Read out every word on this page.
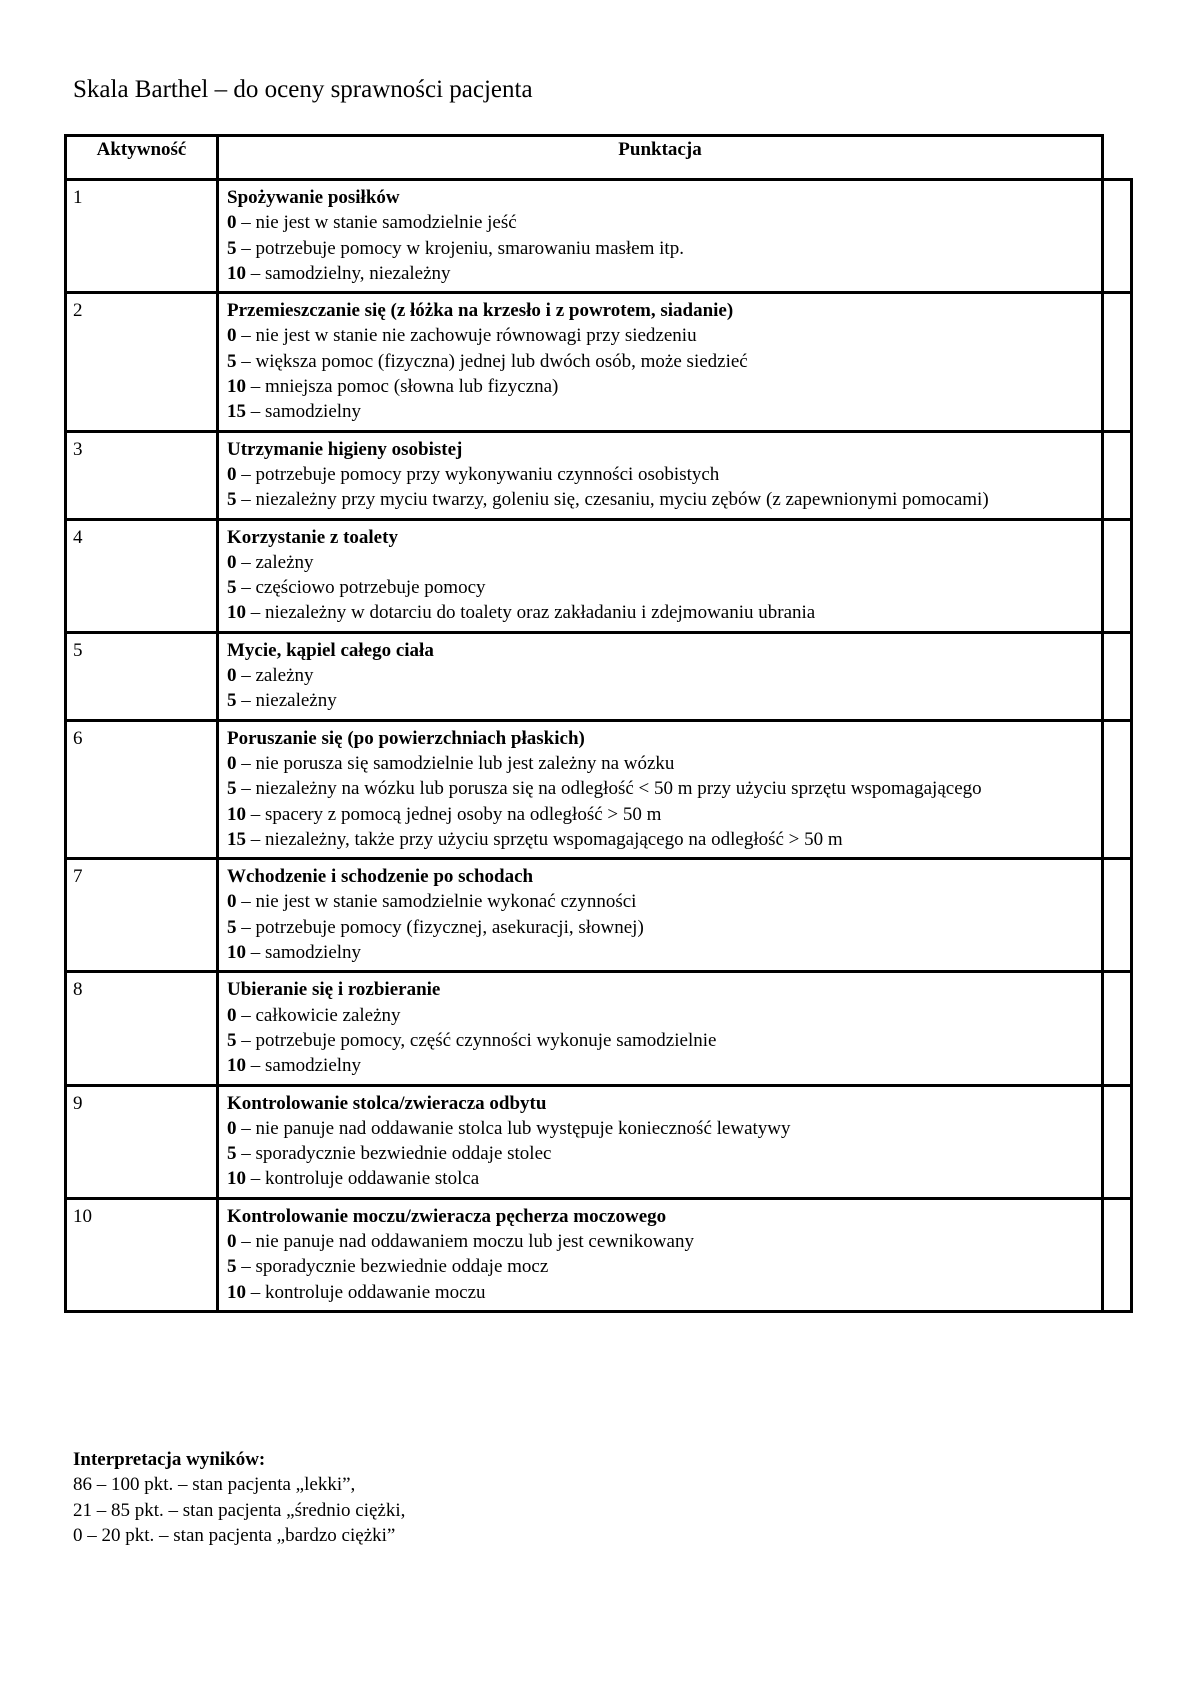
Skala Barthel – do oceny sprawności pacjenta
Aktywność	Punktacja	
1	Spożywanie posiłków
0 – nie jest w stanie samodzielnie jeść
5 – potrzebuje pomocy w krojeniu, smarowaniu masłem itp.
10 – samodzielny, niezależny	

2	Przemieszczanie się (z łóżka na krzesło i z powrotem, siadanie)
0 – nie jest w stanie nie zachowuje równowagi przy siedzeniu
5 – większa pomoc (fizyczna) jednej lub dwóch osób, może siedzieć
10 – mniejsza pomoc (słowna lub fizyczna)
15 – samodzielny	

3	Utrzymanie higieny osobistej
0 – potrzebuje pomocy przy wykonywaniu czynności osobistych
5 – niezależny przy myciu twarzy, goleniu się, czesaniu, myciu zębów (z zapewnionymi pomocami)	

4	Korzystanie z toalety
0 – zależny
5 – częściowo potrzebuje pomocy
10 – niezależny w dotarciu do toalety oraz zakładaniu i zdejmowaniu ubrania	

5	Mycie, kąpiel całego ciała
0 – zależny
5 – niezależny	

6	Poruszanie się (po powierzchniach płaskich)
0 – nie porusza się samodzielnie lub jest zależny na wózku
5 – niezależny na wózku lub porusza się na odległość < 50 m przy użyciu sprzętu wspomagającego
10 – spacery z pomocą jednej osoby na odległość > 50 m
15 – niezależny, także przy użyciu sprzętu wspomagającego na odległość > 50 m	

7	Wchodzenie i schodzenie po schodach
0 – nie jest w stanie samodzielnie wykonać czynności
5 – potrzebuje pomocy (fizycznej, asekuracji, słownej)
10 – samodzielny	

8	Ubieranie się i rozbieranie
0 – całkowicie zależny
5 – potrzebuje pomocy, część czynności wykonuje samodzielnie
10 – samodzielny	

9	Kontrolowanie stolca/zwieracza odbytu
0 – nie panuje nad oddawanie stolca lub występuje konieczność lewatywy
5 – sporadycznie bezwiednie oddaje stolec
10 – kontroluje oddawanie stolca	

10	Kontrolowanie moczu/zwieracza pęcherza moczowego
0 – nie panuje nad oddawaniem moczu lub jest cewnikowany
5 – sporadycznie bezwiednie oddaje mocz
10 – kontroluje oddawanie moczu	

Interpretacja wyników:
86 – 100 pkt. – stan pacjenta „lekki”,
21 – 85 pkt. – stan pacjenta „średnio ciężki,
0 – 20 pkt. – stan pacjenta „bardzo ciężki”
